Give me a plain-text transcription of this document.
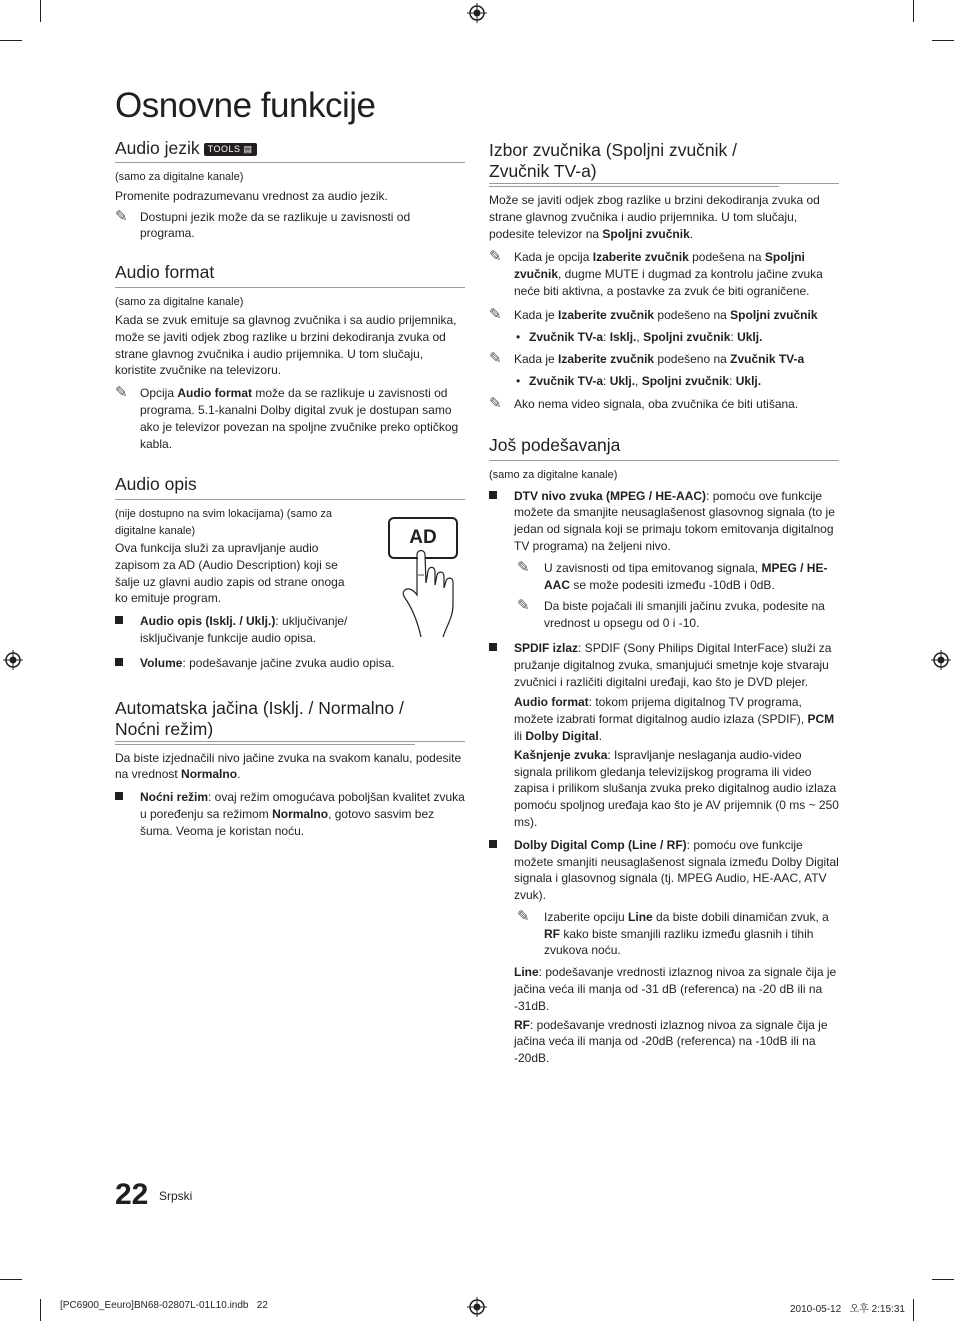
Osnovne funkcije
Audio jezik TOOLS ▤

(samo za digitalne kanale)

Promenite podrazumevanu vrednost za audio jezik.

✎ Dostupni jezik može da se razlikuje u zavisnosti od programa.
Audio format

(samo za digitalne kanale)

Kada se zvuk emituje sa glavnog zvučnika i sa audio prijemnika, može se javiti odjek zbog razlike u brzini dekodiranja zvuka od strane glavnog zvučnika i audio prijemnika. U tom slučaju, koristite zvučnike na televizoru.

✎ Opcija Audio format može da se razlikuje u zavisnosti od programa. 5.1-kanalni Dolby digital zvuk je dostupan samo ako je televizor povezan na spoljne zvučnike preko optičkog kabla.
Audio opis

(nije dostupno na svim lokacijama) (samo za digitalne kanale)

Ova funkcija služi za upravljanje audio zapisom za AD (Audio Description) koji se šalje uz glavni audio zapis od strane onoga ko emituje program.

Audio opis (Isklj. / Uklj.): uključivanje/ isključivanje funkcije audio opisa.
Volume: podešavanje jačine zvuka audio opisa.
Automatska jačina (Isklj. / Normalno / Noćni režim)

Da biste izjednačili nivo jačine zvuka na svakom kanalu, podesite na vrednost Normalno.

Noćni režim: ovaj režim omogućava poboljšan kvalitet zvuka u poređenju sa režimom Normalno, gotovo sasvim bez šuma. Veoma je koristan noću.
AD
Izbor zvučnika (Spoljni zvučnik / Zvučnik TV-a)

Može se javiti odjek zbog razlike u brzini dekodiranja zvuka od strane glavnog zvučnika i audio prijemnika. U tom slučaju, podesite televizor na Spoljni zvučnik.

✎ Kada je opcija Izaberite zvučnik podešena na Spoljni zvučnik, dugme MUTE i dugmad za kontrolu jačine zvuka neće biti aktivna, a postavke za zvuk će biti ograničene.
✎ Kada je Izaberite zvučnik podešeno na Spoljni zvučnik
• Zvučnik TV-a: Isklj., Spoljni zvučnik: Uklj.
✎ Kada je Izaberite zvučnik podešeno na Zvučnik TV-a
• Zvučnik TV-a: Uklj., Spoljni zvučnik: Uklj.
✎ Ako nema video signala, oba zvučnika će biti utišana.
Još podešavanja

(samo za digitalne kanale)

DTV nivo zvuka (MPEG / HE-AAC): pomoću ove funkcije možete da smanjite neusaglašenost glasovnog signala (to je jedan od signala koji se primaju tokom emitovanja digitalnog TV programa) na željeni nivo.
✎ U zavisnosti od tipa emitovanog signala, MPEG / HE-AAC se može podesiti između -10dB i 0dB.
✎ Da biste pojačali ili smanjili jačinu zvuka, podesite na vrednost u opsegu od 0 i -10.
SPDIF izlaz: SPDIF (Sony Philips Digital InterFace) služi za pružanje digitalnog zvuka, smanjujući smetnje koje stvaraju zvučnici i različiti digitalni uređaji, kao što je DVD plejer.

Audio format: tokom prijema digitalnog TV programa, možete izabrati format digitalnog audio izlaza (SPDIF), PCM ili Dolby Digital.

Kašnjenje zvuka: Ispravljanje neslaganja audio-video signala prilikom gledanja televizijskog programa ili video zapisa i prilikom slušanja zvuka preko digitalnog audio izlaza pomoću spoljnog uređaja kao što je AV prijemnik (0 ms ~ 250 ms).

Dolby Digital Comp (Line / RF): pomoću ove funkcije možete smanjiti neusaglašenost signala između Dolby Digital signala i glasovnog signala (tj. MPEG Audio, HE-AAC, ATV zvuk).
✎ Izaberite opciju Line da biste dobili dinamičan zvuk, a RF kako biste smanjili razliku između glasnih i tihih zvukova noću.

Line: podešavanje vrednosti izlaznog nivoa za signale čija je jačina veća ili manja od -31 dB (referenca) na -20 dB ili na -31dB.

RF: podešavanje vrednosti izlaznog nivoa za signale čija je jačina veća ili manja od -20dB (referenca) na -10dB ili na -20dB.

22 Srpski
[PC6900_Eeuro]BN68-02807L-01L10.indb   22	2010-05-12   오후 2:15:31
